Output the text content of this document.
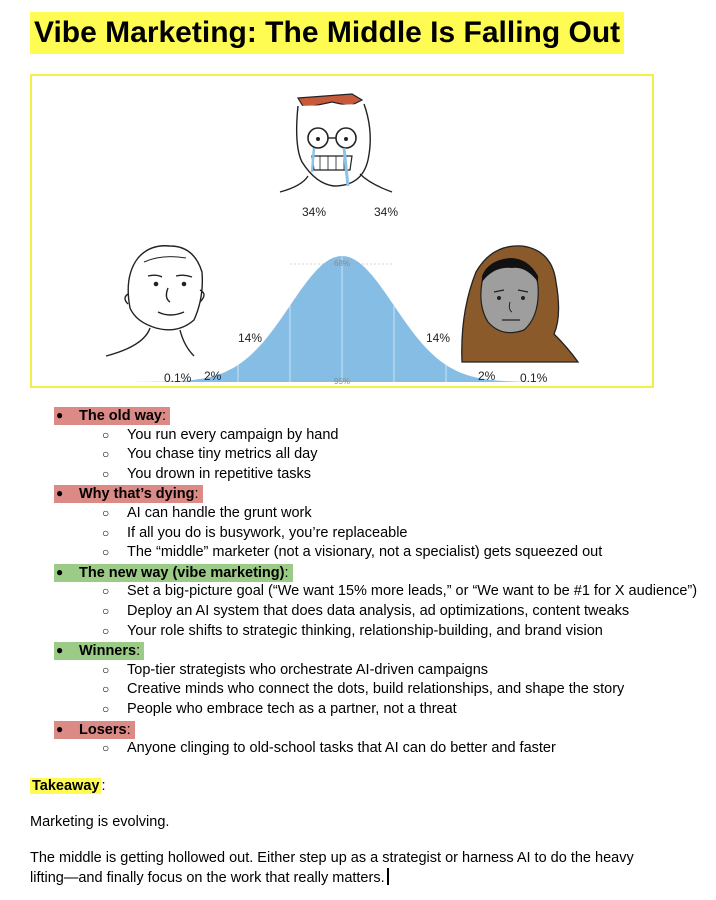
Vibe Marketing: The Middle Is Falling Out
0.1% 2%
14%
34%	34%
14%
2% 0.1%
68%
95%
The old way:
●
○ You run every campaign by hand
○ You chase tiny metrics all day
○ You drown in repetitive tasks
Why that’s dying:
●
○ AI can handle the grunt work
○ If all you do is busywork, you’re replaceable
○ The “middle” marketer (not a visionary, not a specialist) gets squeezed out
The new way (vibe marketing):
●
○ Set a big-picture goal (“We want 15% more leads,” or “We want to be #1 for X audience”)
○ Deploy an AI system that does data analysis, ad optimizations, content tweaks
○ Your role shifts to strategic thinking, relationship-building, and brand vision
Winners:
●
○ Top-tier strategists who orchestrate AI-driven campaigns
○ Creative minds who connect the dots, build relationships, and shape the story
○ People who embrace tech as a partner, not a threat
Losers:
●
○ Anyone clinging to old-school tasks that AI can do better and faster
Takeaway :
Marketing is evolving.
The middle is getting hollowed out. Either step up as a strategist or harness AI to do the heavy
lifting—and finally focus on the work that really matters.
